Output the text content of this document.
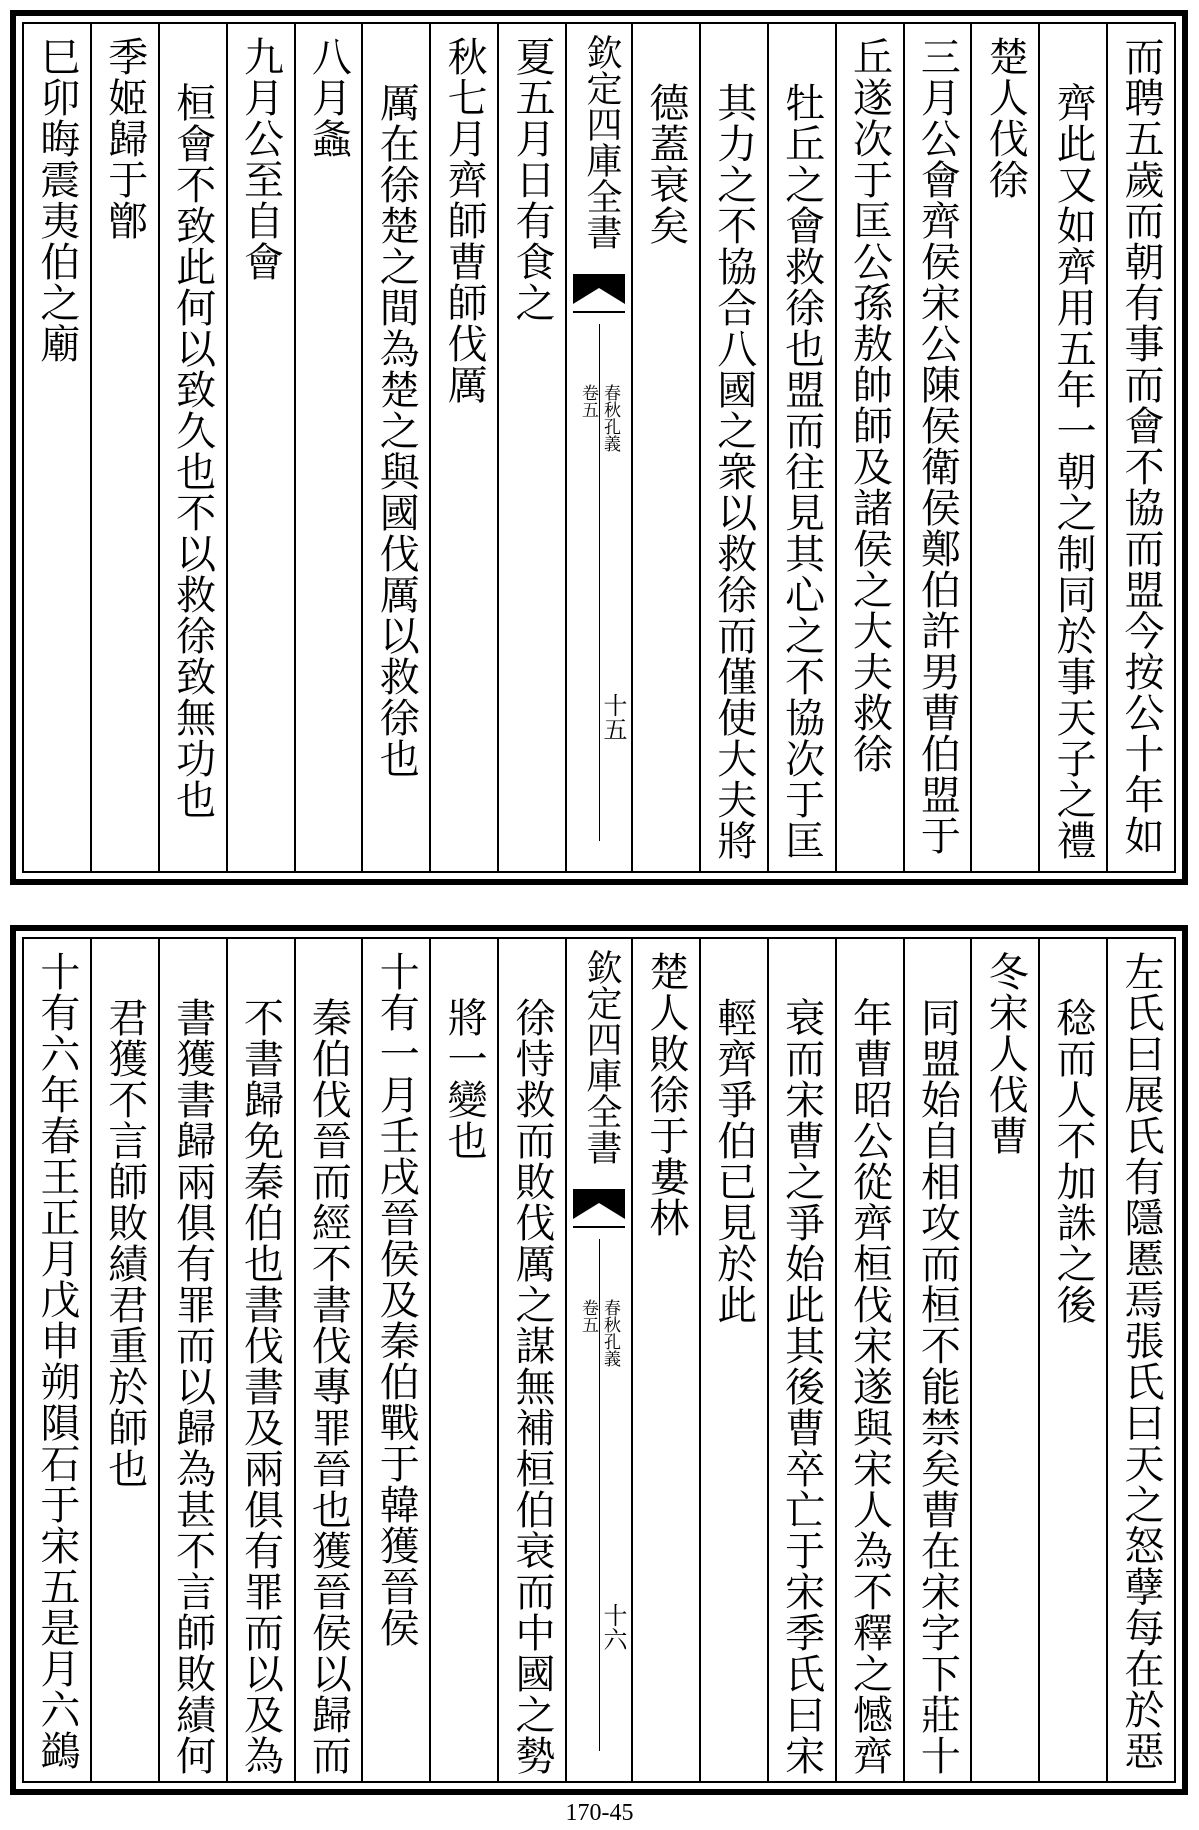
而聘五歲而朝有事而會不協而盟今按公十年如
齊此又如齊用五年一朝之制同於事天子之禮
楚人伐徐
三月公會齊侯宋公陳侯衛侯鄭伯許男曹伯盟于
丘遂次于匡公孫敖帥師及諸侯之大夫救徐
牡丘之會救徐也盟而往見其心之不協次于匡
其力之不協合八國之衆以救徐而僅使大夫將
德蓋衰矣
欽定四庫全書
春秋孔義
卷五
十五
夏五月日有食之
秋七月齊師曹師伐厲
厲在徐楚之間為楚之與國伐厲以救徐也
八月螽
九月公至自會
桓會不致此何以致久也不以救徐致無功也
季姬歸于鄫
巳卯晦震夷伯之廟
左氏曰展氏有隱慝焉張氏曰天之怒孽每在於惡
稔而人不加誅之後
冬宋人伐曹
同盟始自相攻而桓不能禁矣曹在宋字下莊十
年曹昭公從齊桓伐宋遂與宋人為不釋之憾齊
衰而宋曹之爭始此其後曹卒亡于宋季氏曰宋
輕齊爭伯已見於此
楚人敗徐于婁林
欽定四庫全書
春秋孔義
卷五
十六
徐恃救而敗伐厲之謀無補桓伯衰而中國之勢
將一變也
十有一月壬戌晉侯及秦伯戰于韓獲晉侯
秦伯伐晉而經不書伐專罪晉也獲晉侯以歸而
不書歸免秦伯也書伐書及兩俱有罪而以及為
書獲書歸兩俱有罪而以歸為甚不言師敗績何
君獲不言師敗績君重於師也
十有六年春王正月戊申朔隕石于宋五是月六鷁
170-45
